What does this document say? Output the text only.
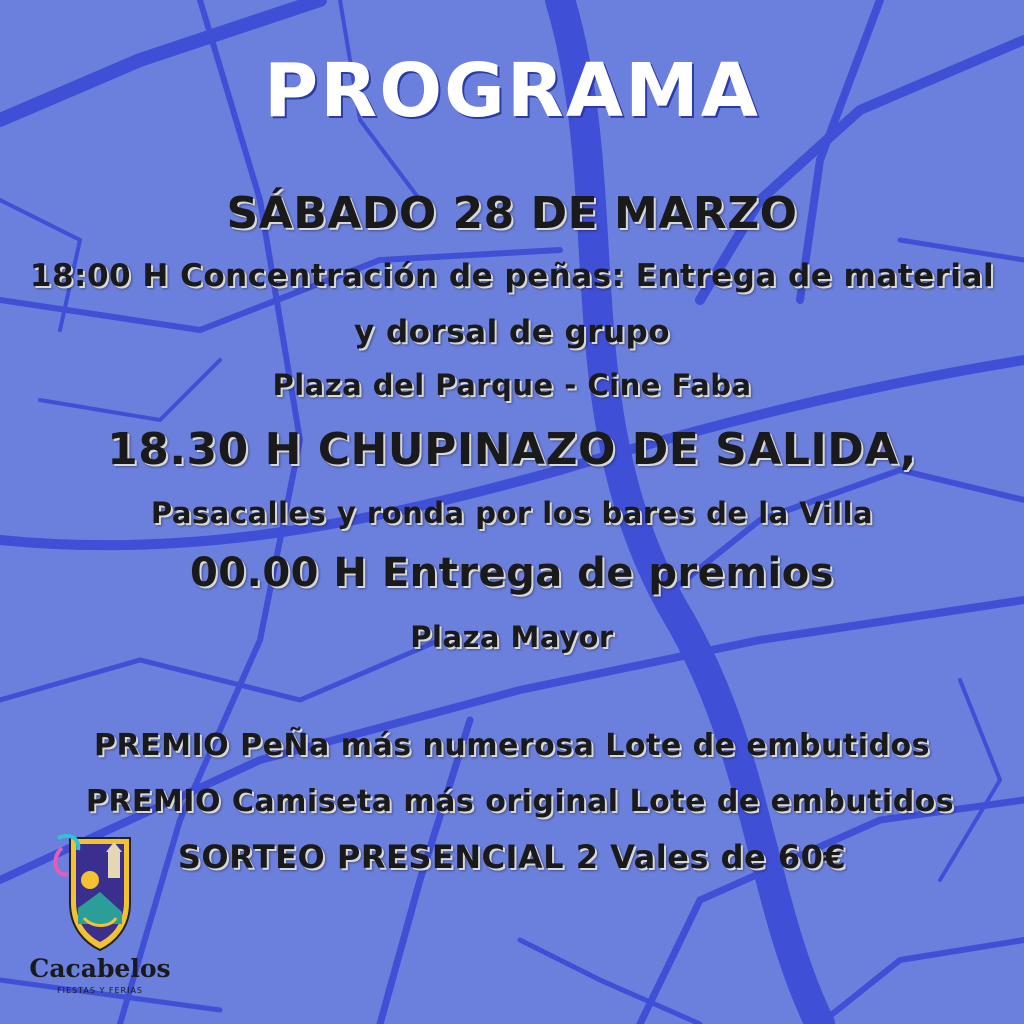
PROGRAMA
SÁBADO 28 DE MARZO
18:00 H Concentración de peñas: Entrega de material
y dorsal de grupo
Plaza del Parque - Cine Faba
18.30 H CHUPINAZO DE SALIDA,
Pasacalles y ronda por los bares de la Villa
00.00 H Entrega de premios
Plaza Mayor
PREMIO PeÑa más numerosa Lote de embutidos
PREMIO Camiseta más original Lote de embutidos
SORTEO PRESENCIAL 2 Vales de 60€
Cacabelos
FIESTAS Y FERIAS
